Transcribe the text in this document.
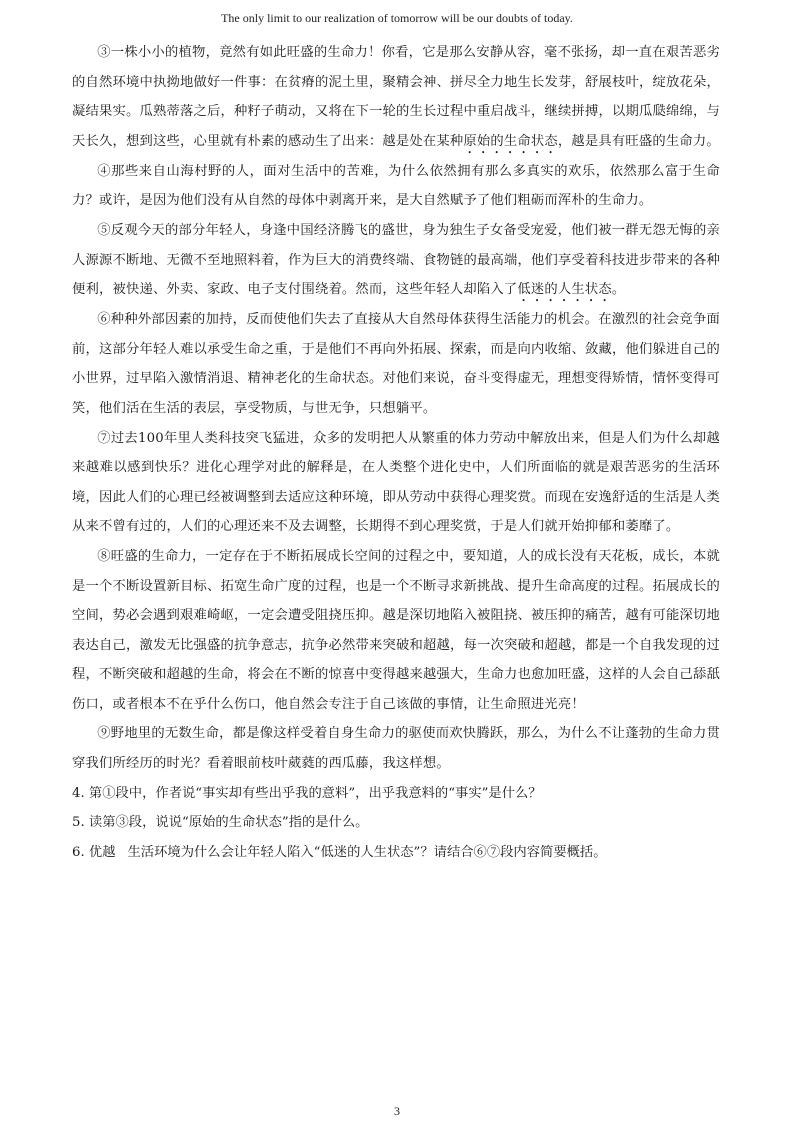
The only limit to our realization of tomorrow will be our doubts of today.

③一株小小的植物，竟然有如此旺盛的生命力！你看，它是那么安静从容，毫不张扬，却一直在艰苦恶劣的自然环境中执拗地做好一件事：在贫瘠的泥土里，聚精会神、拼尽全力地生长发芽，舒展枝叶，绽放花朵，凝结果实。瓜熟蒂落之后，种籽子萌动，又将在下一轮的生长过程中重启战斗，继续拼搏，以期瓜瓞绵绵，与天长久，想到这些，心里就有朴素的感动生了出来：越是处在某种原始的生命状态，越是具有旺盛的生命力。

④那些来自山海村野的人，面对生活中的苦难，为什么依然拥有那么多真实的欢乐，依然那么富于生命力？或许，是因为他们没有从自然的母体中剥离开来，是大自然赋予了他们粗砺而浑朴的生命力。

⑤反观今天的部分年轻人，身逢中国经济腾飞的盛世，身为独生子女备受宠爱，他们被一群无怨无悔的亲人源源不断地、无微不至地照料着，作为巨大的消费终端、食物链的最高端，他们享受着科技进步带来的各种便利，被快递、外卖、家政、电子支付围绕着。然而，这些年轻人却陷入了低迷的人生状态。

⑥种种外部因素的加持，反而使他们失去了直接从大自然母体获得生活能力的机会。在激烈的社会竞争面前，这部分年轻人难以承受生命之重，于是他们不再向外拓展、探索，而是向内收缩、敛藏，他们躲进自己的小世界，过早陷入激情消退、精神老化的生命状态。对他们来说，奋斗变得虚无，理想变得矫情，情怀变得可笑，他们活在生活的表层，享受物质，与世无争，只想躺平。

⑦过去100年里人类科技突飞猛进，众多的发明把人从繁重的体力劳动中解放出来，但是人们为什么却越来越难以感到快乐？进化心理学对此的解释是，在人类整个进化史中，人们所面临的就是艰苦恶劣的生活环境，因此人们的心理已经被调整到去适应这种环境，即从劳动中获得心理奖赏。而现在安逸舒适的生活是人类从来不曾有过的，人们的心理还来不及去调整，长期得不到心理奖赏，于是人们就开始抑郁和萎靡了。

⑧旺盛的生命力，一定存在于不断拓展成长空间的过程之中，要知道，人的成长没有天花板，成长，本就是一个不断设置新目标、拓宽生命广度的过程，也是一个不断寻求新挑战、提升生命高度的过程。拓展成长的空间，势必会遇到艰难崎岖，一定会遭受阻挠压抑。越是深切地陷入被阻挠、被压抑的痛苦，越有可能深切地表达自己，激发无比强盛的抗争意志，抗争必然带来突破和超越，每一次突破和超越，都是一个自我发现的过程，不断突破和超越的生命，将会在不断的惊喜中变得越来越强大，生命力也愈加旺盛，这样的人会自己舔舐伤口，或者根本不在乎什么伤口，他自然会专注于自己该做的事情，让生命照进光亮！

⑨野地里的无数生命，都是像这样受着自身生命力的驱使而欢快腾跃，那么，为什么不让蓬勃的生命力贯穿我们所经历的时光？看着眼前枝叶葳蕤的西瓜藤，我这样想。

4. 第①段中，作者说“事实却有些出乎我的意料”，出乎我意料的“事实”是什么？

5. 读第③段，说说“原始的生命状态”指的是什么。

6. 优越 生活环境为什么会让年轻人陷入“低迷的人生状态”？请结合⑥⑦段内容简要概括。

3
